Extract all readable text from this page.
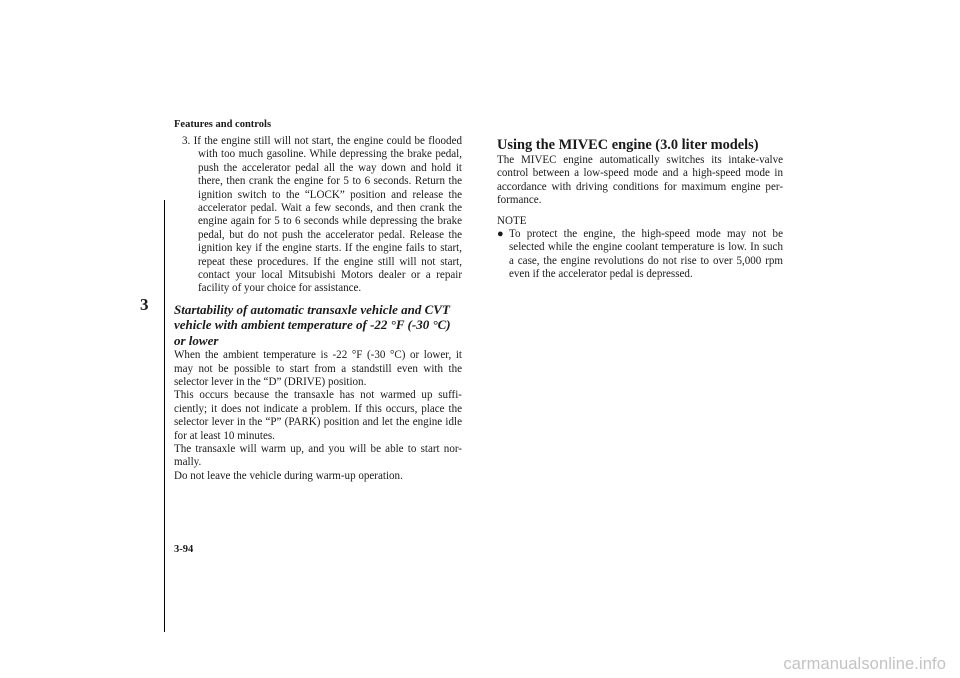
Features and controls
3

3. If the engine still will not start, the engine could be flooded with too much gasoline. While depressing the brake pedal, push the accelerator pedal all the way down and hold it there, then crank the engine for 5 to 6 seconds. Return the ignition switch to the “LOCK” position and release the accelerator pedal. Wait a few seconds, and then crank the engine again for 5 to 6 seconds while depressing the brake pedal, but do not push the accelerator pedal. Release the ignition key if the engine starts. If the engine fails to start, repeat these procedures. If the engine still will not start, contact your local Mitsubishi Motors dealer or a repair facility of your choice for assistance.

Startability of automatic transaxle vehicle and CVT vehicle with ambient temperature of -22 °F (-30 °C) or lower

When the ambient temperature is -22 °F (-30 °C) or lower, it may not be possible to start from a standstill even with the selector lever in the “D” (DRIVE) position.

This occurs because the transaxle has not warmed up suffi-ciently; it does not indicate a problem. If this occurs, place the selector lever in the “P” (PARK) position and let the engine idle for at least 10 minutes.

The transaxle will warm up, and you will be able to start nor-mally.

Do not leave the vehicle during warm-up operation.

Using the MIVEC engine (3.0 liter models)

The MIVEC engine automatically switches its intake-valve control between a low-speed mode and a high-speed mode in accordance with driving conditions for maximum engine per-formance.

NOTE

● To protect the engine, the high-speed mode may not be selected while the engine coolant temperature is low. In such a case, the engine revolutions do not rise to over 5,000 rpm even if the accelerator pedal is depressed.

3-94
carmanualsonline.info
